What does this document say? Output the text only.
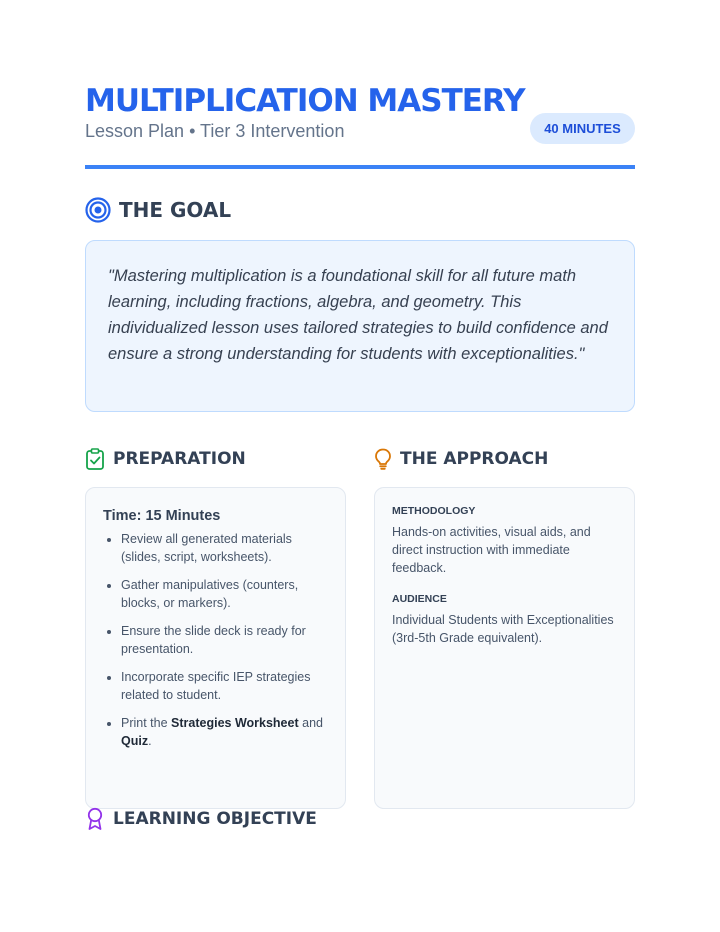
MULTIPLICATION MASTERY
Lesson Plan • Tier 3 Intervention	40 MINUTES
THE GOAL

"Mastering multiplication is a foundational skill for all future math learning, including fractions, algebra, and geometry. This individualized lesson uses tailored strategies to build confidence and ensure a strong understanding for students with exceptionalities."

PREPARATION

Time: 15 Minutes

• Review all generated materials (slides, script, worksheets).
• Gather manipulatives (counters, blocks, or markers).
• Ensure the slide deck is ready for presentation.
• Incorporate specific IEP strategies related to student.
• Print the Strategies Worksheet and Quiz.
THE APPROACH

METHODOLOGY

Hands-on activities, visual aids, and direct instruction with immediate feedback.

AUDIENCE

Individual Students with Exceptionalities (3rd-5th Grade equivalent).

LEARNING OBJECTIVE
